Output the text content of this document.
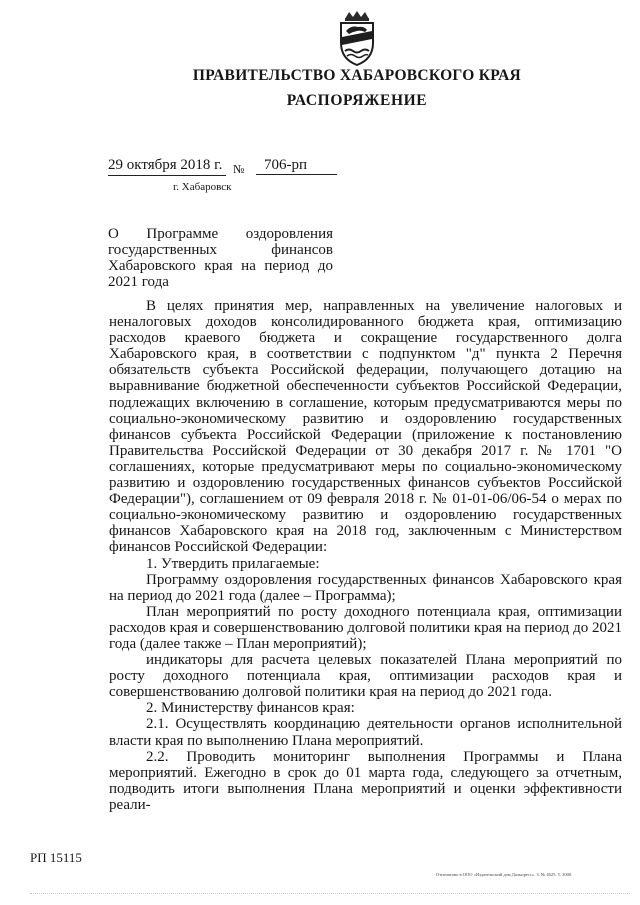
ПРАВИТЕЛЬСТВО ХАБАРОВСКОГО КРАЯ
РАСПОРЯЖЕНИЕ
29 октября 2018 г. №	706-рп
г. Хабаровск
О Программе оздоровления государственных финансов Хабаровского края на период до 2021 года

В целях принятия мер, направленных на увеличение налоговых и неналоговых доходов консолидированного бюджета края, оптимизацию расходов краевого бюджета и сокращение государственного долга Хабаровского края, в соответствии с подпунктом "д" пункта 2 Перечня обязательств субъекта Российской федерации, получающего дотацию на выравнивание бюджетной обеспеченности субъектов Российской Федерации, подлежащих включению в соглашение, которым предусматриваются меры по социально-экономическому развитию и оздоровлению государственных финансов субъекта Российской Федерации (приложение к постановлению Правительства Российской Федерации от 30 декабря 2017 г. № 1701 "О соглашениях, которые предусматривают меры по социально-экономическому развитию и оздоровлению государственных финансов субъектов Российской Федерации"), соглашением от 09 февраля 2018 г. № 01-01-06/06-54 о мерах по социально-экономическому развитию и оздоровлению государственных финансов Хабаровского края на 2018 год, заключенным с Министерством финансов Российской Федерации:

1. Утвердить прилагаемые:

Программу оздоровления государственных финансов Хабаровского края на период до 2021 года (далее – Программа);

План мероприятий по росту доходного потенциала края, оптимизации расходов края и совершенствованию долговой политики края на период до 2021 года (далее также – План мероприятий);

индикаторы для расчета целевых показателей Плана мероприятий по росту доходного потенциала края, оптимизации расходов края и совершенствованию долговой политики края на период до 2021 года.

2. Министерству финансов края:

2.1. Осуществлять координацию деятельности органов исполнительной власти края по выполнению Плана мероприятий.

2.2. Проводить мониторинг выполнения Программы и Плана мероприятий. Ежегодно в срок до 01 марта года, следующего за отчетным, подводить итоги выполнения Плана мероприятий и оценки эффективности реали-

РП 15115
Отпечатано в ООО «Издательский дом Дальпресс». З. № 4625. Т. 3000.
